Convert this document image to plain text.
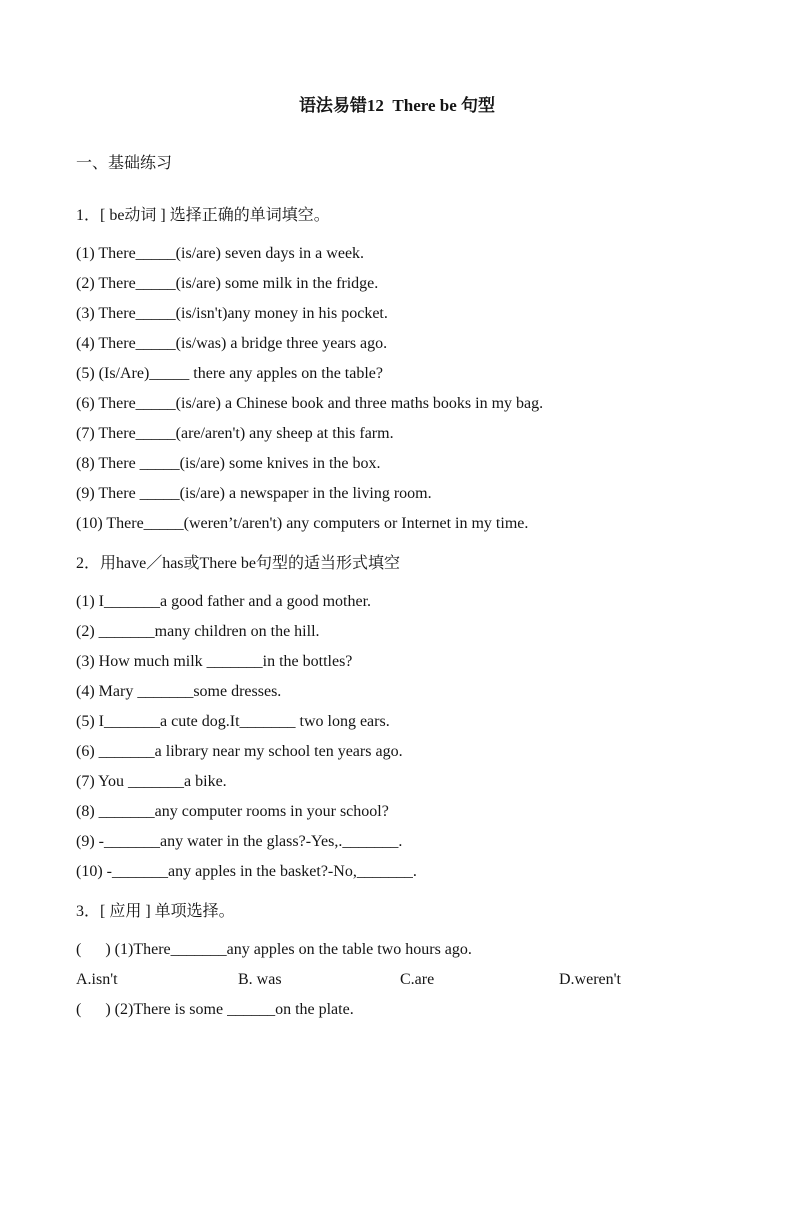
语法易错12  There be 句型
一、基础练习
1．[ be动词 ] 选择正确的单词填空。

(1) There_____(is/are) seven days in a week.

(2) There_____(is/are) some milk in the fridge.

(3) There_____(is/isn't)any money in his pocket.

(4) There_____(is/was) a bridge three years ago.

(5) (Is/Are)_____ there any apples on the table?

(6) There_____(is/are) a Chinese book and three maths books in my bag.

(7) There_____(are/aren't) any sheep at this farm.

(8) There _____(is/are) some knives in the box.

(9) There _____(is/are) a newspaper in the living room.

(10) There_____(weren’t/aren't) any computers or Internet in my time.

2．用have／has或There be句型的适当形式填空

(1) I_______a good father and a good mother.

(2) _______many children on the hill.

(3) How much milk _______in the bottles?

(4) Mary _______some dresses.

(5) I_______a cute dog.It_______ two long ears.

(6) _______a library near my school ten years ago.

(7) You _______a bike.

(8) _______any computer rooms in your school?

(9) -_______any water in the glass?-Yes,._______.

(10) -_______any apples in the basket?-No,_______.

3．[ 应用 ] 单项选择。

(      ) (1)There_______any apples on the table two hours ago.

A.isn't	B. was	C.are	D.weren't

(      ) (2)There is some ______on the plate.
